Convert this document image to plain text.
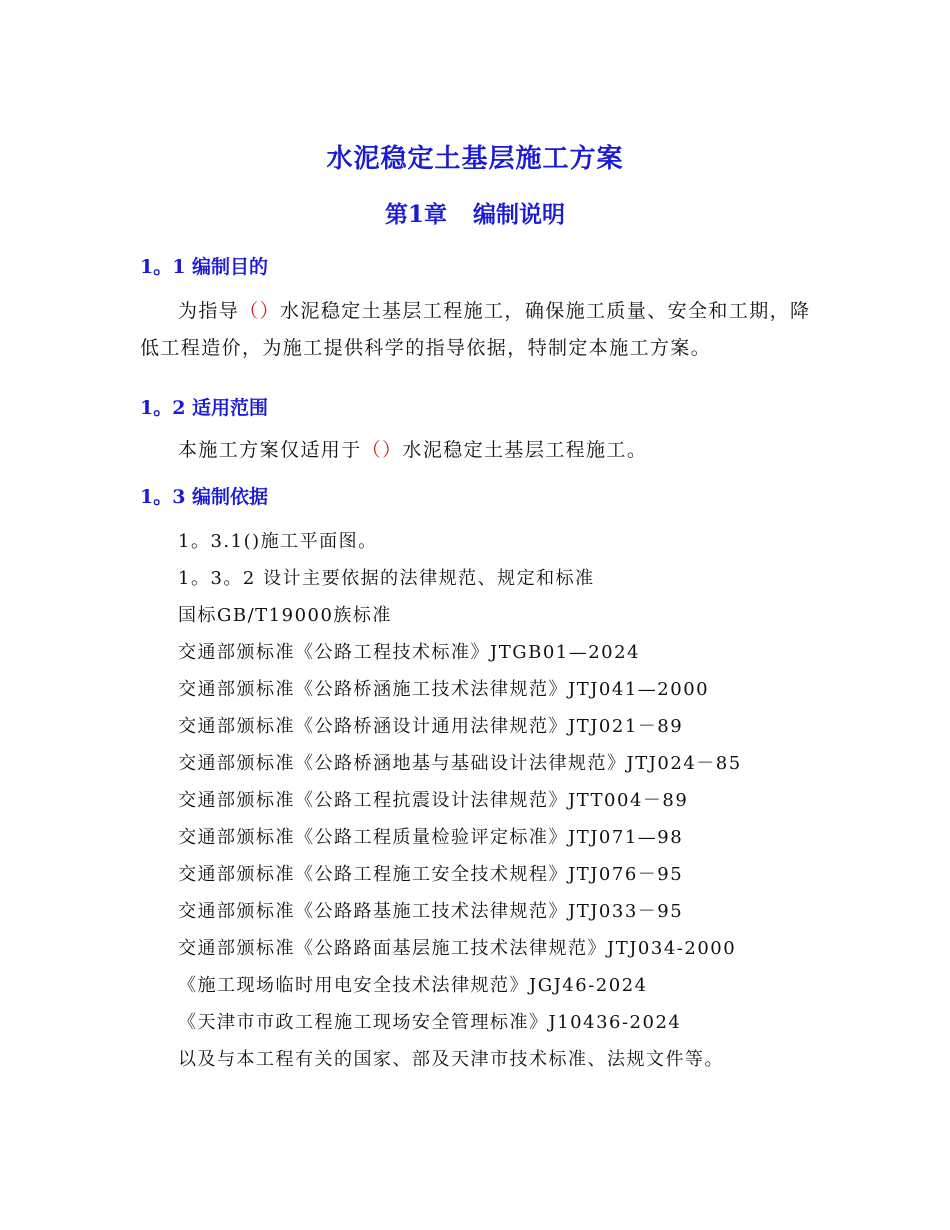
水泥稳定土基层施工方案
第1章 编制说明
1。1 编制目的
为指导（）水泥稳定土基层工程施工，确保施工质量、安全和工期，降低工程造价，为施工提供科学的指导依据，特制定本施工方案。
1。2 适用范围
本施工方案仅适用于（）水泥稳定土基层工程施工。
1。3 编制依据
1。3.1()施工平面图。
1。3。2 设计主要依据的法律规范、规定和标准
国标GB/T19000族标准
交通部颁标准《公路工程技术标准》JTGB01—2024
交通部颁标准《公路桥涵施工技术法律规范》JTJ041—2000
交通部颁标准《公路桥涵设计通用法律规范》JTJ021－89
交通部颁标准《公路桥涵地基与基础设计法律规范》JTJ024－85
交通部颁标准《公路工程抗震设计法律规范》JTT004－89
交通部颁标准《公路工程质量检验评定标准》JTJ071—98
交通部颁标准《公路工程施工安全技术规程》JTJ076－95
交通部颁标准《公路路基施工技术法律规范》JTJ033－95
交通部颁标准《公路路面基层施工技术法律规范》JTJ034-2000
《施工现场临时用电安全技术法律规范》JGJ46-2024
《天津市市政工程施工现场安全管理标准》J10436-2024
以及与本工程有关的国家、部及天津市技术标准、法规文件等。
